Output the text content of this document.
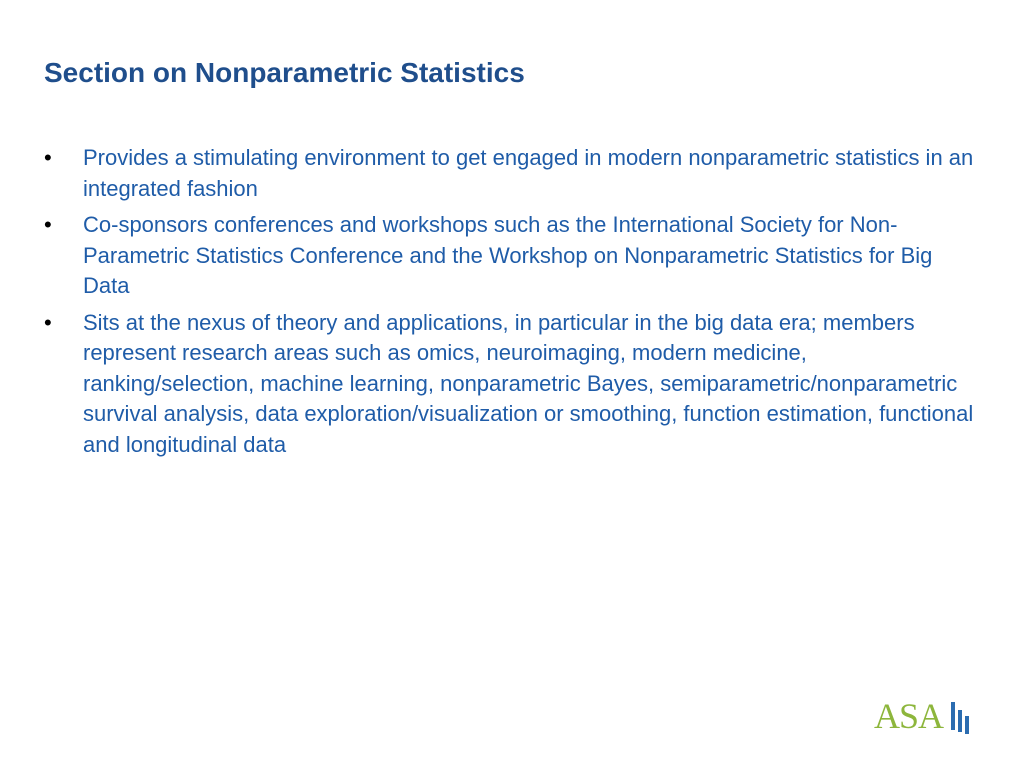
Section on Nonparametric Statistics
•	Provides a stimulating environment to get engaged in modern nonparametric statistics in an integrated fashion
•	Co-sponsors conferences and workshops such as the International Society for Non-Parametric Statistics Conference and the Workshop on Nonparametric Statistics for Big Data
•	Sits at the nexus of theory and applications, in particular in the big data era; members represent research areas such as omics, neuroimaging, modern medicine, ranking/selection, machine learning, nonparametric Bayes, semiparametric/nonparametric survival analysis, data exploration/visualization or smoothing, function estimation, functional and longitudinal data
ASA
